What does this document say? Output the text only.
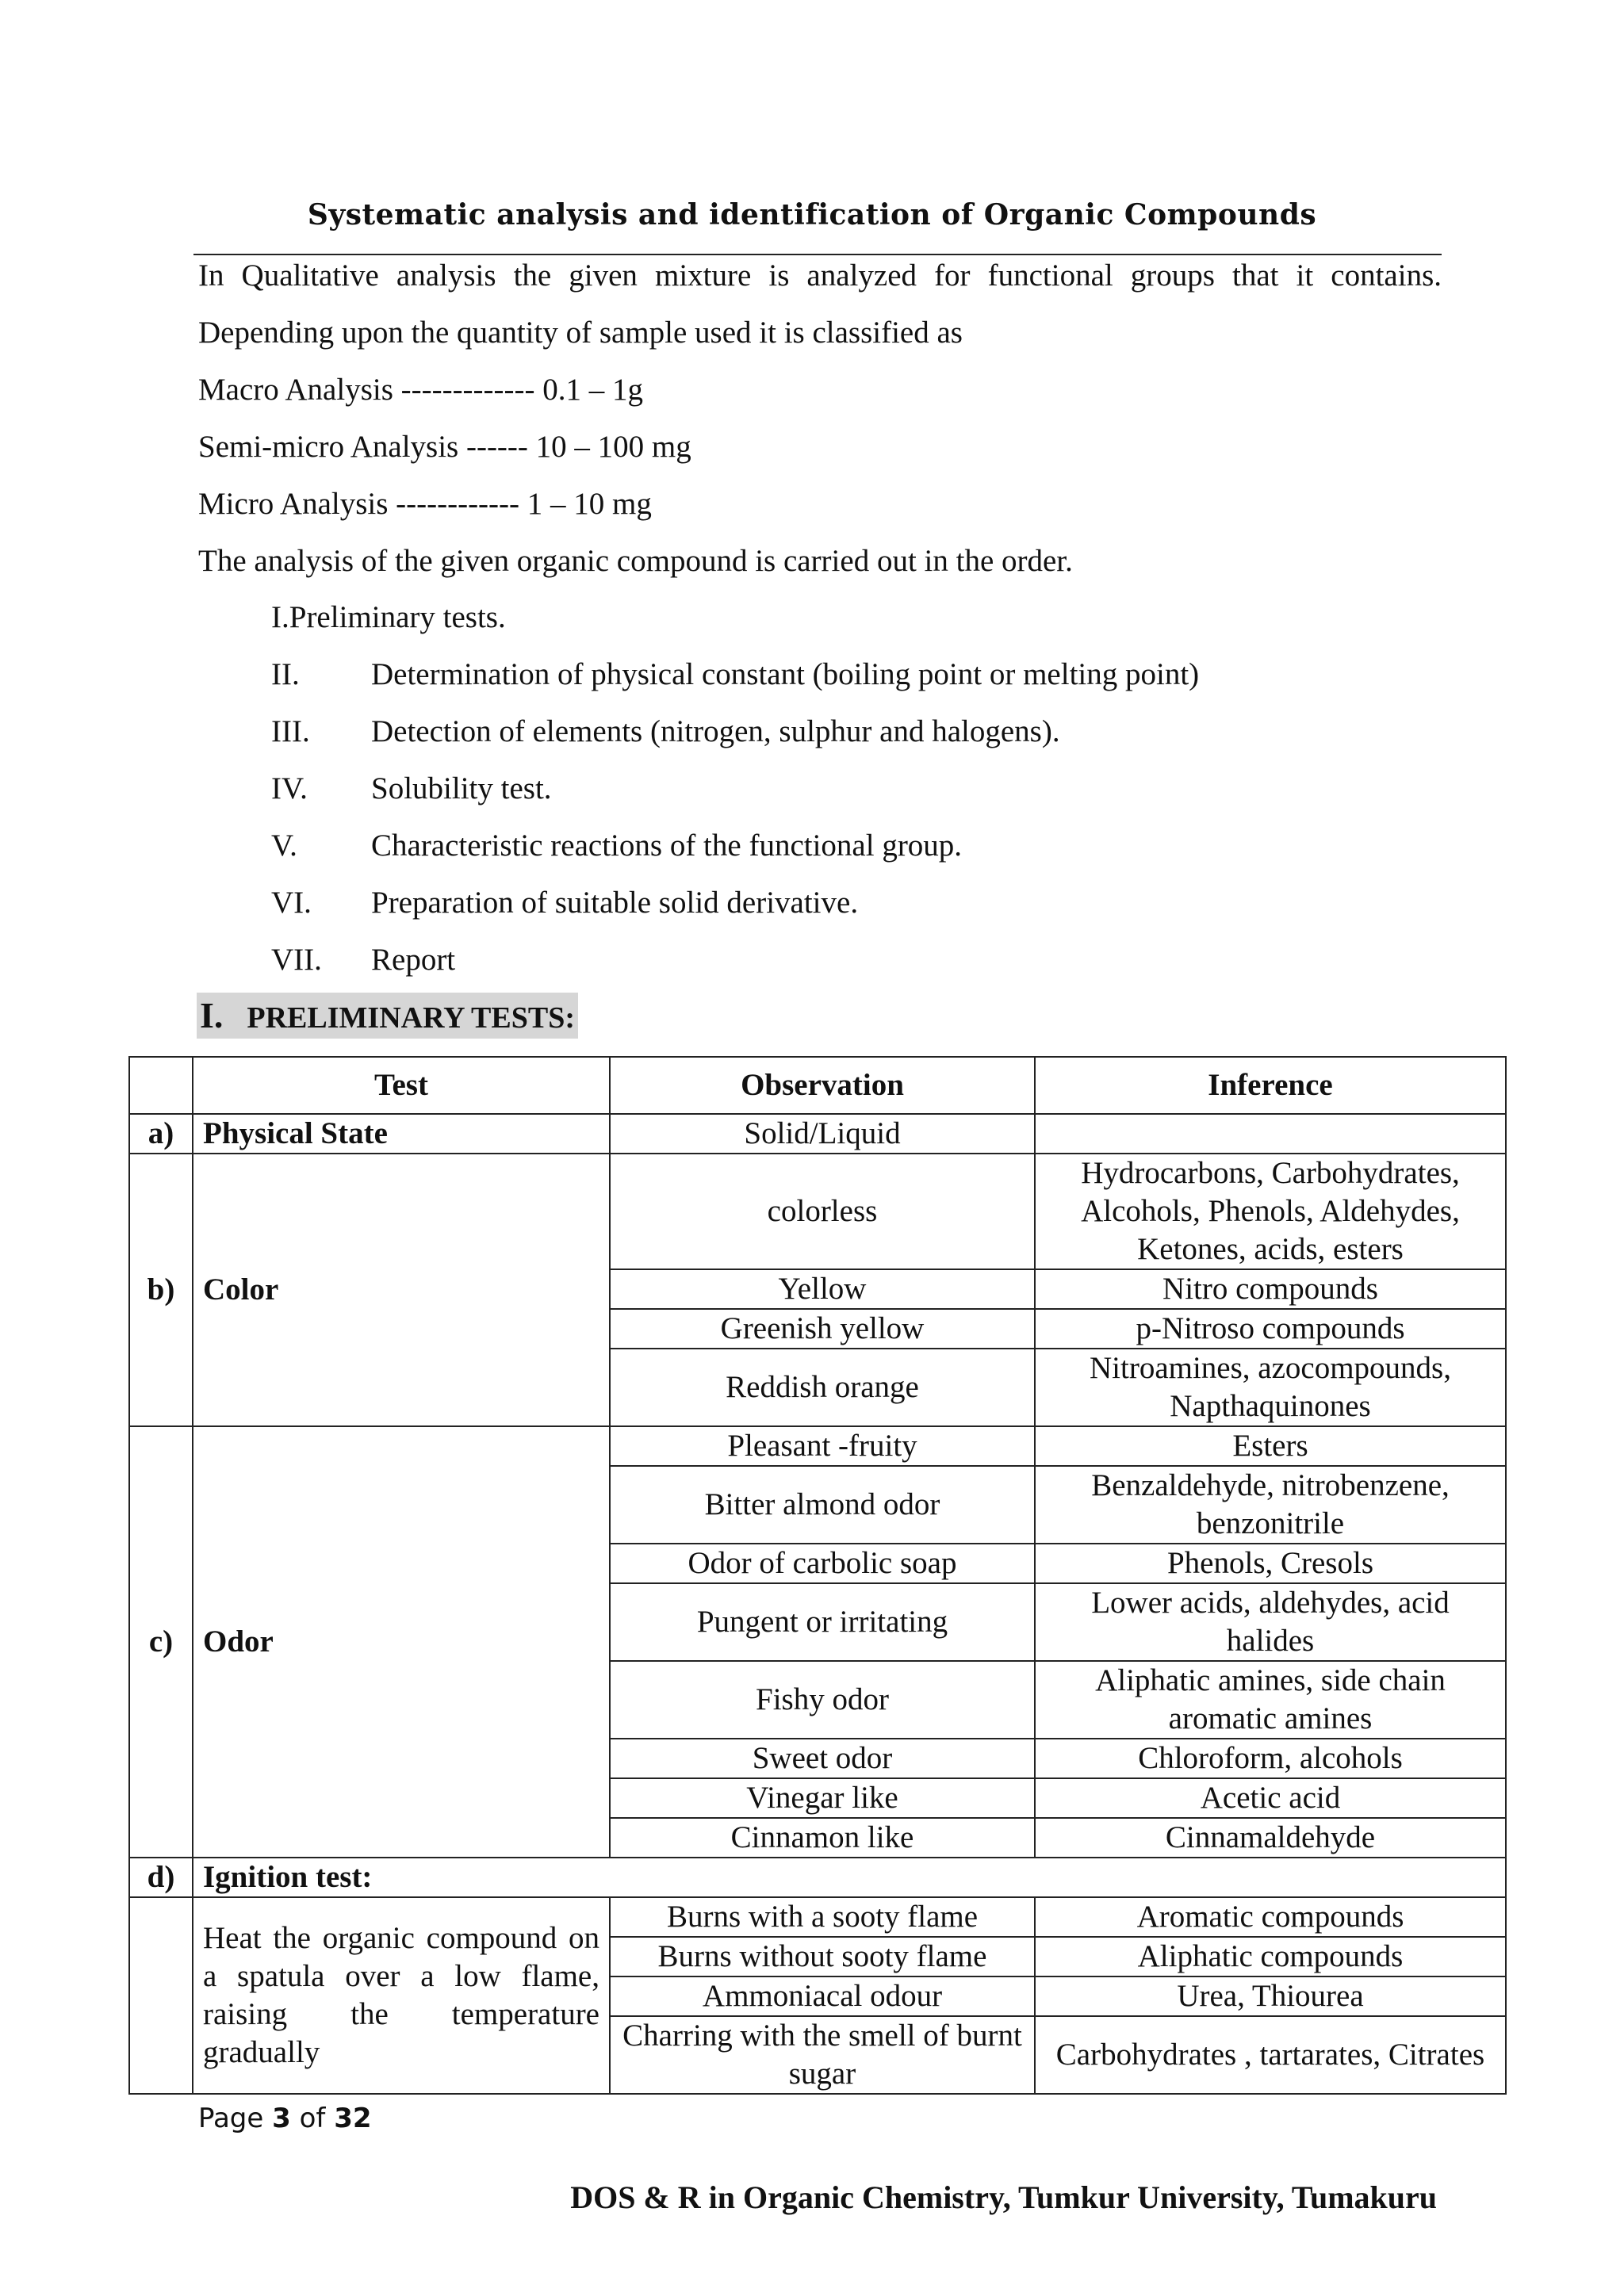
Systematic analysis and identification of Organic Compounds
In Qualitative analysis the given mixture is analyzed for functional groups that it contains.
Depending upon the quantity of sample used it is classified as
Macro Analysis ------------- 0.1 – 1g
Semi-micro Analysis ------ 10 – 100 mg
Micro Analysis ------------ 1 – 10 mg
The analysis of the given organic compound is carried out in the order.
I.Preliminary tests.
II. Determination of physical constant (boiling point or melting point)
III. Detection of elements (nitrogen, sulphur and halogens).
IV. Solubility test.
V. Characteristic reactions of the functional group.
VI. Preparation of suitable solid derivative.
VII. Report
I. PRELIMINARY TESTS:
	Test	Observation	Inference
a)	Physical State	Solid/Liquid	
b)	Color	colorless	Hydrocarbons, Carbohydrates, Alcohols, Phenols, Aldehydes, Ketones, acids, esters
		Yellow	Nitro compounds
		Greenish yellow	p-Nitroso compounds
		Reddish orange	Nitroamines, azocompounds, Napthaquinones
c)	Odor	Pleasant -fruity	Esters
		Bitter almond odor	Benzaldehyde, nitrobenzene, benzonitrile
		Odor of carbolic soap	Phenols, Cresols
		Pungent or irritating	Lower acids, aldehydes, acid halides
		Fishy odor	Aliphatic amines, side chain aromatic amines
		Sweet odor	Chloroform, alcohols
		Vinegar like	Acetic acid
		Cinnamon like	Cinnamaldehyde
d)	Ignition test:		
	Heat the organic compound on a spatula over a low flame, raising the temperature gradually	Burns with a sooty flame	Aromatic compounds
		Burns without sooty flame	Aliphatic compounds
		Ammoniacal odour	Urea, Thiourea
		Charring with the smell of burnt sugar	Carbohydrates , tartarates, Citrates
Page 3 of 32
DOS & R in Organic Chemistry, Tumkur University, Tumakuru
